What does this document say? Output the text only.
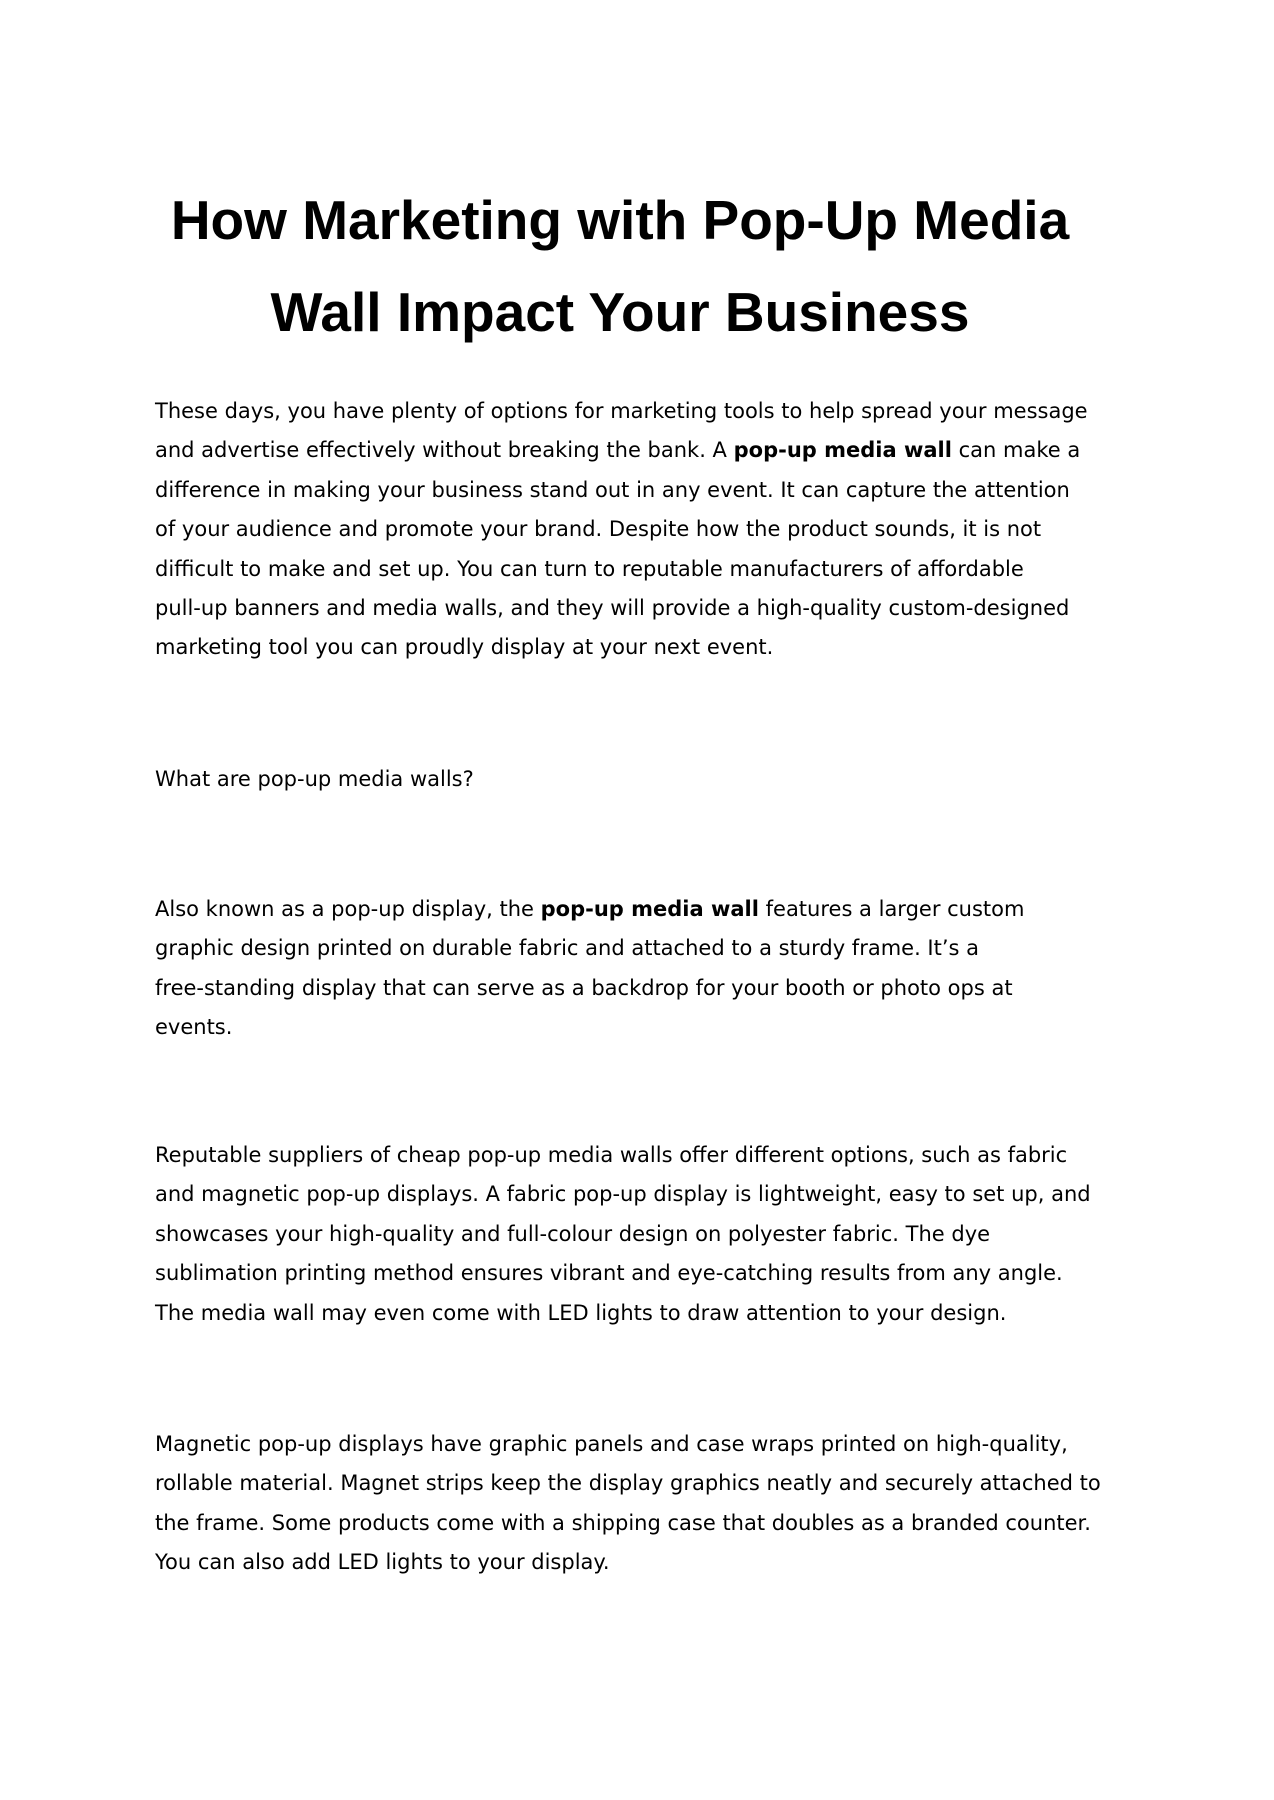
How Marketing with Pop-Up Media
Wall Impact Your Business

These days, you have plenty of options for marketing tools to help spread your message
and advertise effectively without breaking the bank. A pop-up media wall can make a
difference in making your business stand out in any event. It can capture the attention
of your audience and promote your brand. Despite how the product sounds, it is not
difficult to make and set up. You can turn to reputable manufacturers of affordable
pull-up banners and media walls, and they will provide a high-quality custom-designed
marketing tool you can proudly display at your next event.

What are pop-up media walls?

Also known as a pop-up display, the pop-up media wall features a larger custom
graphic design printed on durable fabric and attached to a sturdy frame. It’s a
free-standing display that can serve as a backdrop for your booth or photo ops at
events.

Reputable suppliers of cheap pop-up media walls offer different options, such as fabric
and magnetic pop-up displays. A fabric pop-up display is lightweight, easy to set up, and
showcases your high-quality and full-colour design on polyester fabric. The dye
sublimation printing method ensures vibrant and eye-catching results from any angle.
The media wall may even come with LED lights to draw attention to your design.

Magnetic pop-up displays have graphic panels and case wraps printed on high-quality,
rollable material. Magnet strips keep the display graphics neatly and securely attached to
the frame. Some products come with a shipping case that doubles as a branded counter.
You can also add LED lights to your display.
